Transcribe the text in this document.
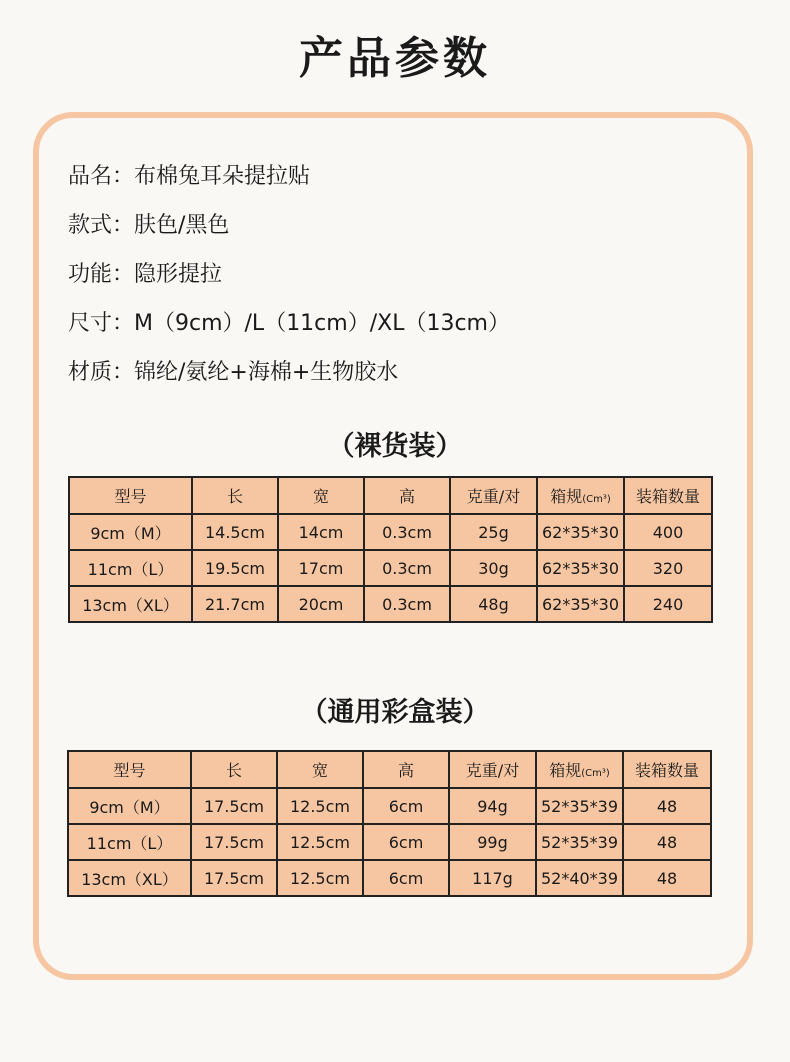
产品参数
品名：布棉兔耳朵提拉贴
款式：肤色/黑色
功能：隐形提拉
尺寸：M（9cm）/L（11cm）/XL（13cm）
材质：锦纶/氨纶+海棉+生物胶水
（裸货装）
型号	长	宽	高	克重/对	箱规(Cm³)	装箱数量
9cm（M）	14.5cm	14cm	0.3cm	25g	62*35*30	400
11cm（L）	19.5cm	17cm	0.3cm	30g	62*35*30	320
13cm（XL）	21.7cm	20cm	0.3cm	48g	62*35*30	240
（通用彩盒装）
型号	长	宽	高	克重/对	箱规(Cm³)	装箱数量
9cm（M）	17.5cm	12.5cm	6cm	94g	52*35*39	48
11cm（L）	17.5cm	12.5cm	6cm	99g	52*35*39	48
13cm（XL）	17.5cm	12.5cm	6cm	117g	52*40*39	48
